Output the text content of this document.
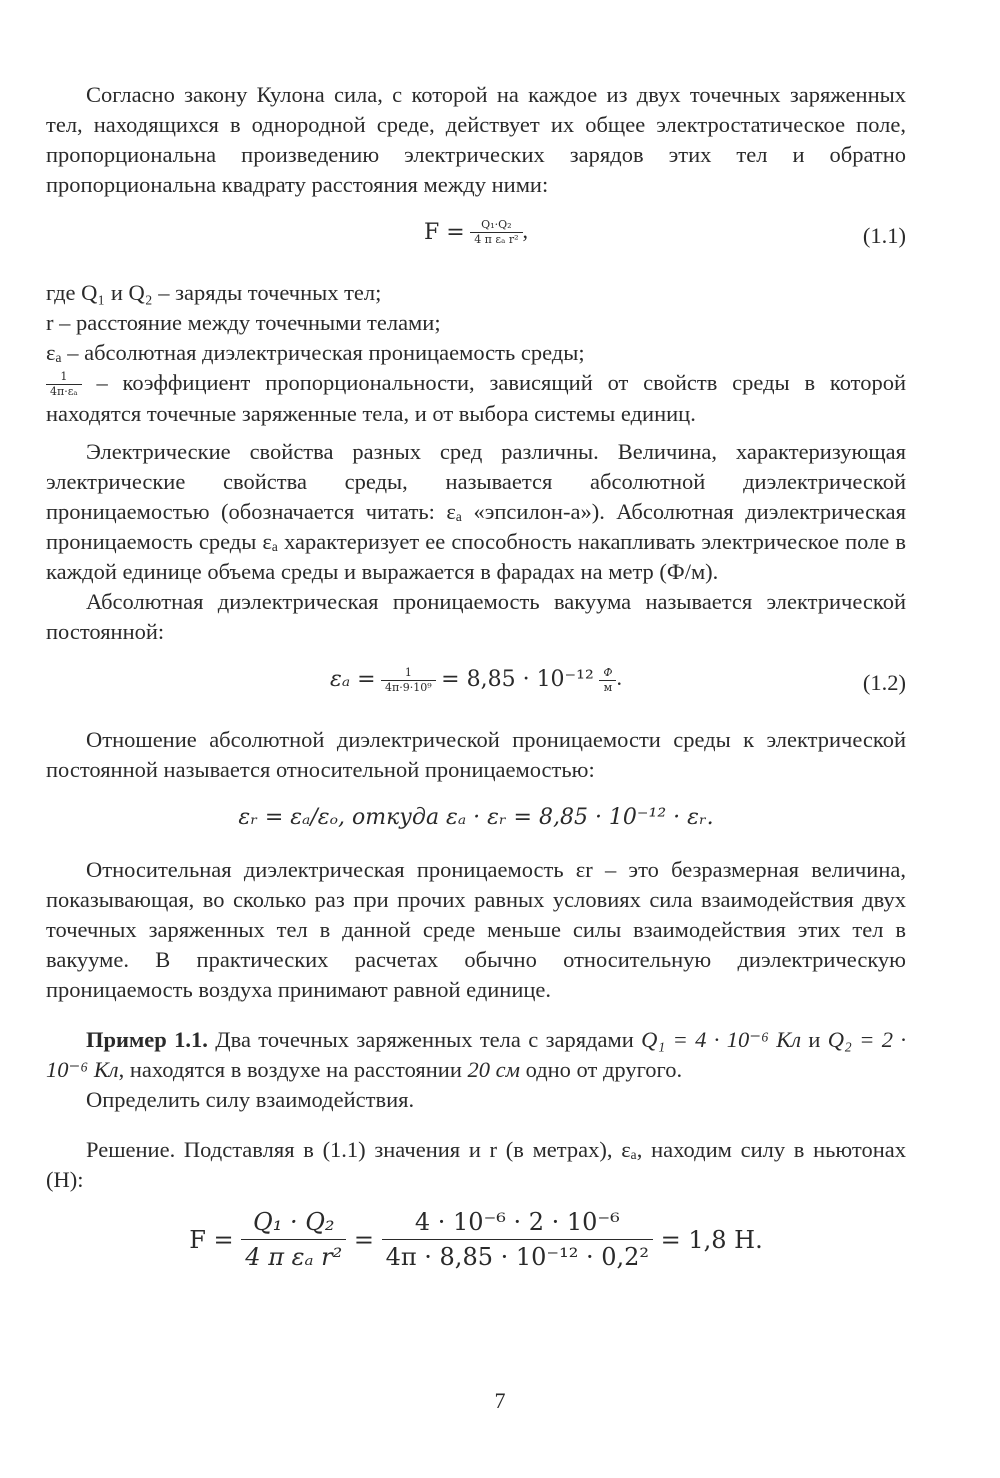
Согласно закону Кулона сила, с которой на каждое из двух точечных заряженных тел, находящихся в однородной среде, действует их общее электростатическое поле, пропорциональна произведению электрических зарядов этих тел и обратно пропорциональна квадрату расстояния между ними:

$F = \frac{\text{Q₁·Q₂}}{\text{4 π εₐ r²}}$ ,	(1.1)

где Q₁ и Q₂ – заряды точечных тел;

r – расстояние между точечными телами;

εₐ – абсолютная диэлектрическая проницаемость среды;

$\frac{1}{\text{4π·εₐ}}$ – коэффициент пропорциональности, зависящий от свойств среды в которой находятся точечные заряженные тела, и от выбора системы единиц.

Электрические свойства разных сред различны. Величина, характеризующая электрические свойства среды, называется абсолютной диэлектрической проницаемостью (обозначается читать: εₐ «эпсилон-а»). Абсолютная диэлектрическая проницаемость среды εₐ характеризует ее способность накапливать электрическое поле в каждой единице объема среды и выражается в фарадах на метр (Ф/м).

Абсолютная диэлектрическая проницаемость вакуума называется электрической постоянной:

$\varepsilon_a = \frac{1}{\text{4π·9·10⁹}} = 8,85 \cdot 10^{-12} \frac{Ф}{м}$ .	(1.2)

Отношение абсолютной диэлектрической проницаемости среды к электрической постоянной называется относительной проницаемостью:

εᵣ = εₐ/εₒ, откуда εₐ · εᵣ = 8,85 · 10⁻¹² · εᵣ.

Относительная диэлектрическая проницаемость εr – это безразмерная величина, показывающая, во сколько раз при прочих равных условиях сила взаимодействия двух точечных заряженных тел в данной среде меньше силы взаимодействия этих тел в вакууме. В практических расчетах обычно относительную диэлектрическую проницаемость воздуха принимают равной единице.

Пример 1.1. Два точечных заряженных тела с зарядами Q₁ = 4 · 10⁻⁶ Кл и Q₂ = 2 · 10⁻⁶ Кл, находятся в воздухе на расстоянии 20 см одно от другого.

Определить силу взаимодействия.

Решение. Подставляя в (1.1) значения и r (в метрах), εₐ, находим силу в ньютонах (Н):

$F = \frac{\text{Q₁ · Q₂}}{\text{4 π εₐ r²}} = \frac{\text{4 · 10⁻⁶ · 2 · 10⁻⁶}}{\text{4π · 8,85 · 10⁻¹² · 0,2²}} = 1,8$ Н.
7
